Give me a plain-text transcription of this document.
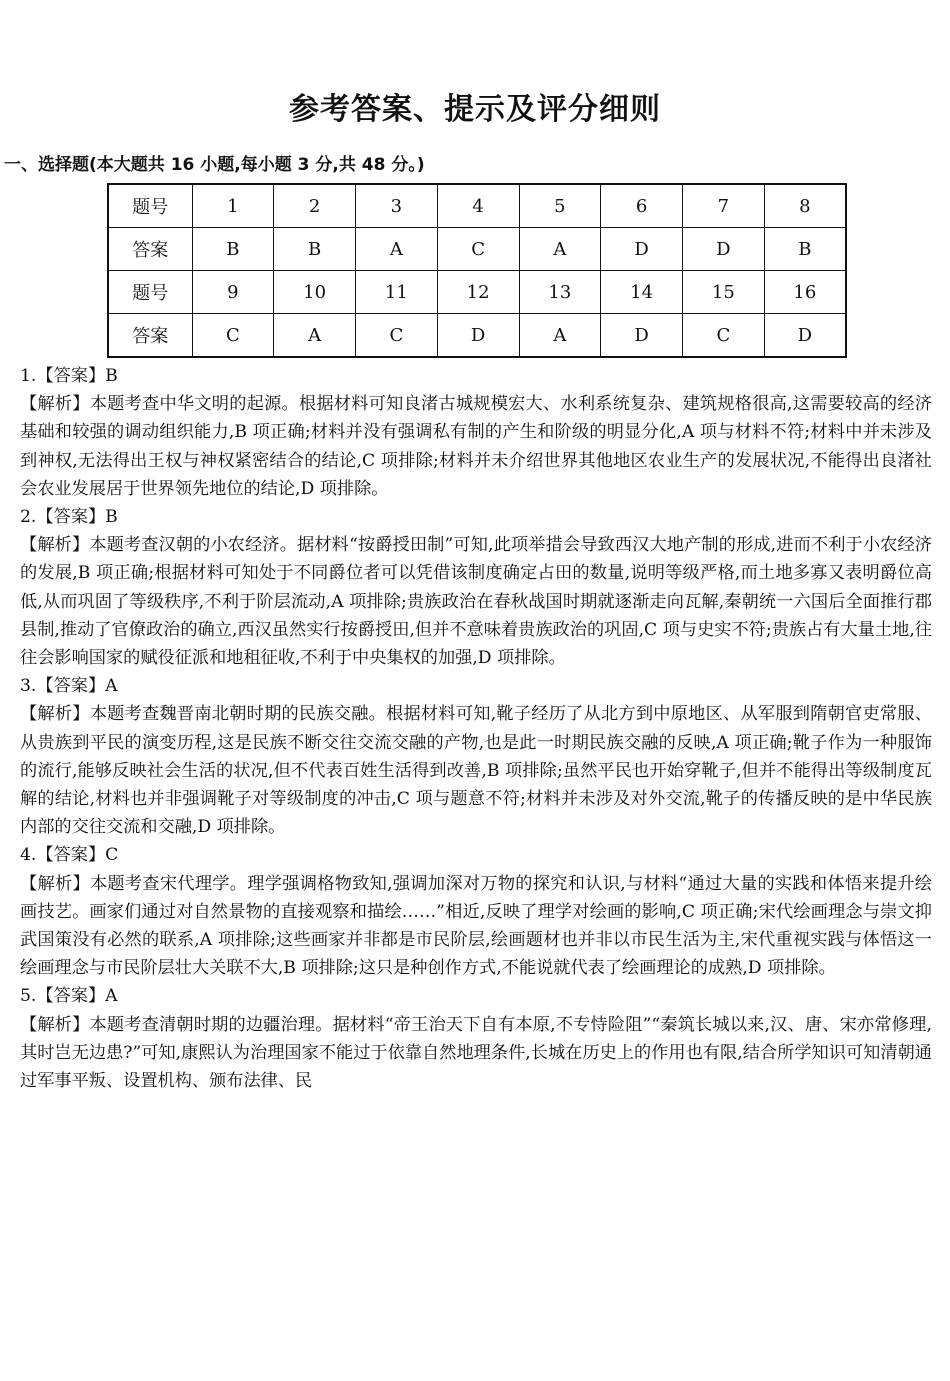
参考答案、提示及评分细则
一、选择题(本大题共 16 小题,每小题 3 分,共 48 分。)
题号	1	2	3	4	5	6	7	8
答案	B	B	A	C	A	D	D	B
题号	9	10	11	12	13	14	15	16
答案	C	A	C	D	A	D	C	D

1.【答案】B

【解析】本题考查中华文明的起源。根据材料可知良渚古城规模宏大、水利系统复杂、建筑规格很高,这需要较高的经济基础和较强的调动组织能力,B 项正确;材料并没有强调私有制的产生和阶级的明显分化,A 项与材料不符;材料中并未涉及到神权,无法得出王权与神权紧密结合的结论,C 项排除;材料并未介绍世界其他地区农业生产的发展状况,不能得出良渚社会农业发展居于世界领先地位的结论,D 项排除。

2.【答案】B

【解析】本题考查汉朝的小农经济。据材料“按爵授田制”可知,此项举措会导致西汉大地产制的形成,进而不利于小农经济的发展,B 项正确;根据材料可知处于不同爵位者可以凭借该制度确定占田的数量,说明等级严格,而土地多寡又表明爵位高低,从而巩固了等级秩序,不利于阶层流动,A 项排除;贵族政治在春秋战国时期就逐渐走向瓦解,秦朝统一六国后全面推行郡县制,推动了官僚政治的确立,西汉虽然实行按爵授田,但并不意味着贵族政治的巩固,C 项与史实不符;贵族占有大量土地,往往会影响国家的赋役征派和地租征收,不利于中央集权的加强,D 项排除。

3.【答案】A

【解析】本题考查魏晋南北朝时期的民族交融。根据材料可知,靴子经历了从北方到中原地区、从军服到隋朝官吏常服、从贵族到平民的演变历程,这是民族不断交往交流交融的产物,也是此一时期民族交融的反映,A 项正确;靴子作为一种服饰的流行,能够反映社会生活的状况,但不代表百姓生活得到改善,B 项排除;虽然平民也开始穿靴子,但并不能得出等级制度瓦解的结论,材料也并非强调靴子对等级制度的冲击,C 项与题意不符;材料并未涉及对外交流,靴子的传播反映的是中华民族内部的交往交流和交融,D 项排除。

4.【答案】C

【解析】本题考查宋代理学。理学强调格物致知,强调加深对万物的探究和认识,与材料“通过大量的实践和体悟来提升绘画技艺。画家们通过对自然景物的直接观察和描绘……”相近,反映了理学对绘画的影响,C 项正确;宋代绘画理念与崇文抑武国策没有必然的联系,A 项排除;这些画家并非都是市民阶层,绘画题材也并非以市民生活为主,宋代重视实践与体悟这一绘画理念与市民阶层壮大关联不大,B 项排除;这只是种创作方式,不能说就代表了绘画理论的成熟,D 项排除。

5.【答案】A

【解析】本题考查清朝时期的边疆治理。据材料“帝王治天下自有本原,不专恃险阻”“秦筑长城以来,汉、唐、宋亦常修理,其时岂无边患?”可知,康熙认为治理国家不能过于依靠自然地理条件,长城在历史上的作用也有限,结合所学知识可知清朝通过军事平叛、设置机构、颁布法律、民
